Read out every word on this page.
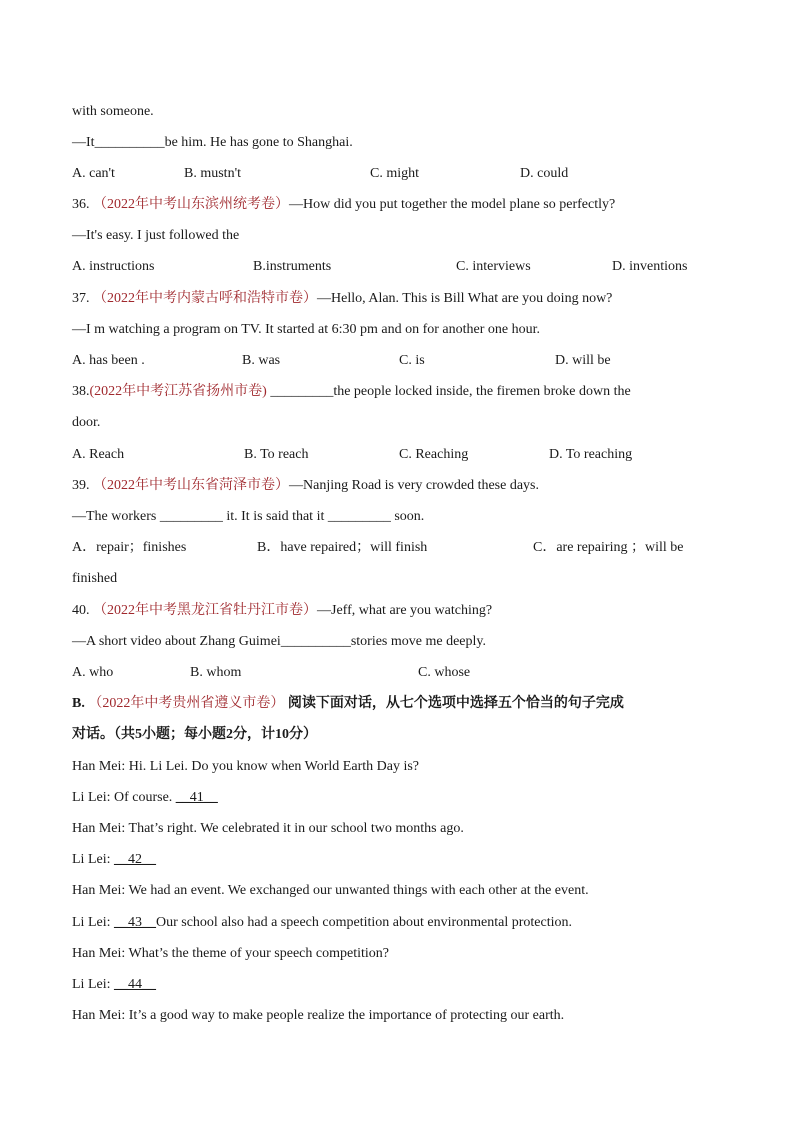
with someone.
—It__________be him. He has gone to Shanghai.
A. can't	B. mustn't	C. might	D. could
36. （2022年中考山东滨州统考卷）—How did you put together the model plane so perfectly?
—It's easy. I just followed the
A. instructions	B.instruments	C. interviews	D. inventions
37. （2022年中考内蒙古呼和浩特市卷）—Hello, Alan. This is Bill What are you doing now?
—I m watching a program on TV. It started at 6:30 pm and on for another one hour.
A. has been .	B. was	C. is	D. will be
38.(2022年中考江苏省扬州市卷) _________the people locked inside, the firemen broke down the
door.
A. Reach	B. To reach	C. Reaching	D. To reaching
39. （2022年中考山东省菏泽市卷）—Nanjing Road is very crowded these days.
—The workers _________ it. It is said that it _________ soon.
A．repair；finishes	B．have repaired；will finish	C．are repairing ；will be
finished
40. （2022年中考黑龙江省牡丹江市卷）—Jeff, what are you watching?
—A short video about Zhang Guimei__________stories move me deeply.
A. who	B. whom	C. whose
B. （2022年中考贵州省遵义市卷） 阅读下面对话，从七个选项中选择五个恰当的句子完成
对话。（共5小题；每小题2分，计10分）
Han Mei: Hi. Li Lei. Do you know when World Earth Day is?
Li Lei: Of course. __41__
Han Mei: That’s right. We celebrated it in our school two months ago.
Li Lei: __42__
Han Mei: We had an event. We exchanged our unwanted things with each other at the event.
Li Lei: __43__Our school also had a speech competition about environmental protection.
Han Mei: What’s the theme of your speech competition?
Li Lei: __44__
Han Mei: It’s a good way to make people realize the importance of protecting our earth.
